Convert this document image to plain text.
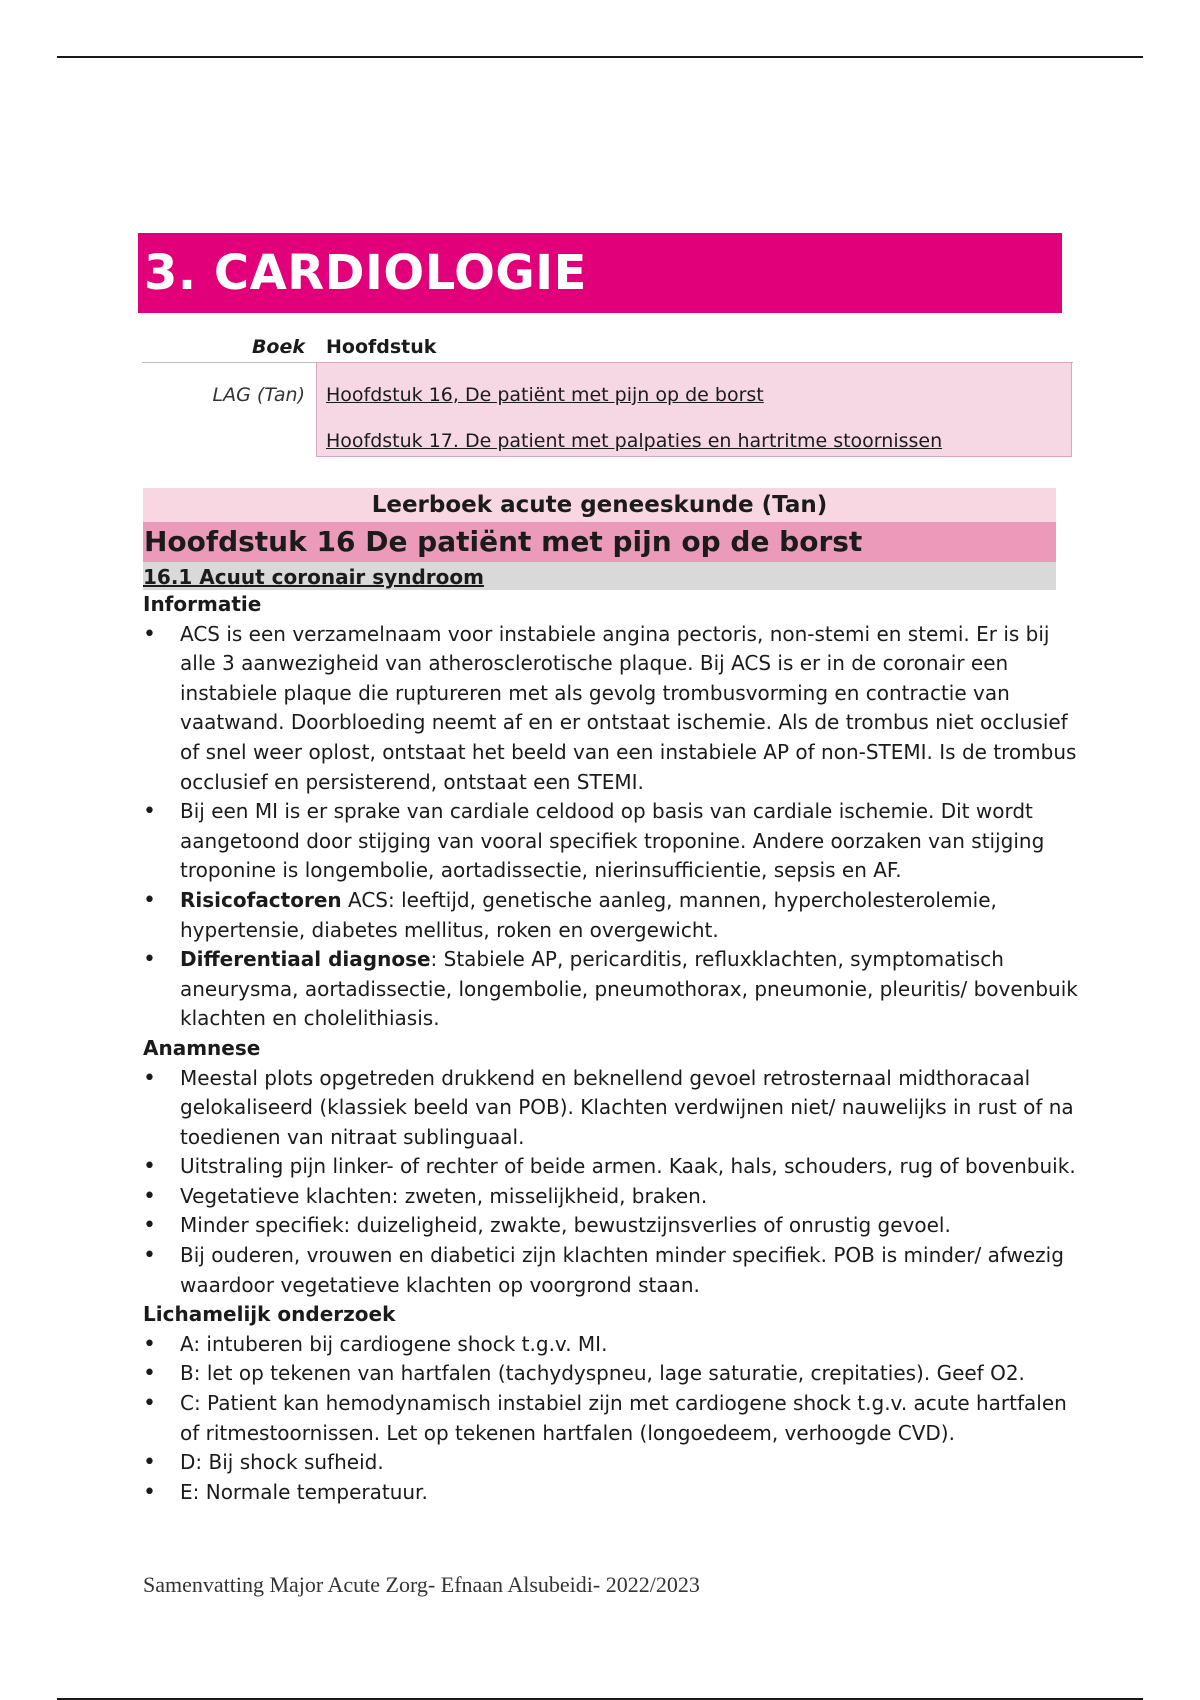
3. CARDIOLOGIE
Boek Hoofdstuk
LAG (Tan) Hoofdstuk 16, De patiënt met pijn op de borst
Hoofdstuk 17. De patient met palpaties en hartritme stoornissen
Leerboek acute geneeskunde (Tan)
Hoofdstuk 16 De patiënt met pijn op de borst
16.1 Acuut coronair syndroom
Informatie
• ACS is een verzamelnaam voor instabiele angina pectoris, non-stemi en stemi. Er is bij alle 3 aanwezigheid van atherosclerotische plaque. Bij ACS is er in de coronair een instabiele plaque die ruptureren met als gevolg trombusvorming en contractie van vaatwand. Doorbloeding neemt af en er ontstaat ischemie. Als de trombus niet occlusief of snel weer oplost, ontstaat het beeld van een instabiele AP of non-STEMI. Is de trombus occlusief en persisterend, ontstaat een STEMI.
• Bij een MI is er sprake van cardiale celdood op basis van cardiale ischemie. Dit wordt aangetoond door stijging van vooral specifiek troponine. Andere oorzaken van stijging troponine is longembolie, aortadissectie, nierinsufficientie, sepsis en AF.
• Risicofactoren ACS: leeftijd, genetische aanleg, mannen, hypercholesterolemie, hypertensie, diabetes mellitus, roken en overgewicht.
• Differentiaal diagnose: Stabiele AP, pericarditis, refluxklachten, symptomatisch aneurysma, aortadissectie, longembolie, pneumothorax, pneumonie, pleuritis/ bovenbuik klachten en cholelithiasis.
Anamnese
• Meestal plots opgetreden drukkend en beknellend gevoel retrosternaal midthoracaal gelokaliseerd (klassiek beeld van POB). Klachten verdwijnen niet/ nauwelijks in rust of na toedienen van nitraat sublinguaal.
• Uitstraling pijn linker- of rechter of beide armen. Kaak, hals, schouders, rug of bovenbuik.
• Vegetatieve klachten: zweten, misselijkheid, braken.
• Minder specifiek: duizeligheid, zwakte, bewustzijnsverlies of onrustig gevoel.
• Bij ouderen, vrouwen en diabetici zijn klachten minder specifiek. POB is minder/ afwezig waardoor vegetatieve klachten op voorgrond staan.
Lichamelijk onderzoek
• A: intuberen bij cardiogene shock t.g.v. MI.
• B: let op tekenen van hartfalen (tachydyspneu, lage saturatie, crepitaties). Geef O2.
• C: Patient kan hemodynamisch instabiel zijn met cardiogene shock t.g.v. acute hartfalen of ritmestoornissen. Let op tekenen hartfalen (longoedeem, verhoogde CVD).
• D: Bij shock sufheid.
• E: Normale temperatuur.
Samenvatting Major Acute Zorg- Efnaan Alsubeidi- 2022/2023
